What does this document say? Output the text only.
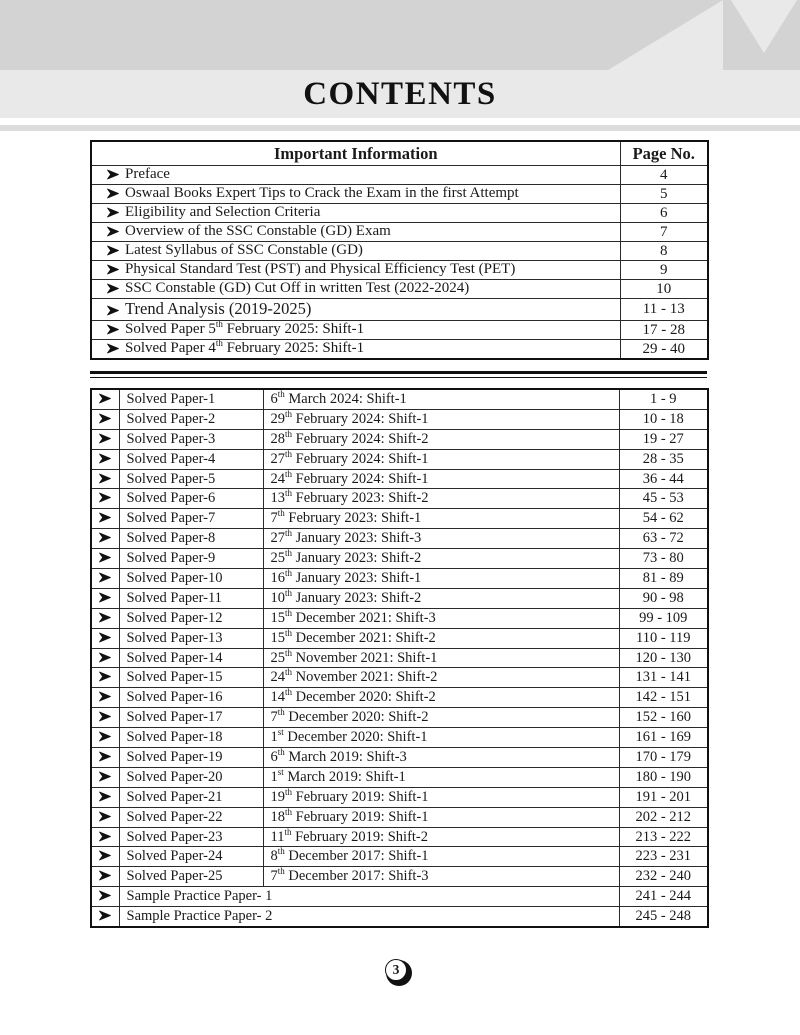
CONTENTS
Important Information	Page No.
Preface	4
Oswaal Books Expert Tips to Crack the Exam in the first Attempt	5
Eligibility and Selection Criteria	6
Overview of the SSC Constable (GD) Exam	7
Latest Syllabus of SSC Constable (GD)	8
Physical Standard Test (PST) and Physical Efficiency Test (PET)	9
SSC Constable (GD) Cut Off in written Test (2022-2024)	10
Trend Analysis (2019-2025)	11 - 13
Solved Paper 5th February 2025: Shift-1	17 - 28
Solved Paper 4th February 2025: Shift-1	29 - 40
	Solved Paper-1	6th March 2024: Shift-1	1 - 9
	Solved Paper-2	29th February 2024: Shift-1	10 - 18
	Solved Paper-3	28th February 2024: Shift-2	19 - 27
	Solved Paper-4	27th February 2024: Shift-1	28 - 35
	Solved Paper-5	24th February 2024: Shift-1	36 - 44
	Solved Paper-6	13th February 2023: Shift-2	45 - 53
	Solved Paper-7	7th February 2023: Shift-1	54 - 62
	Solved Paper-8	27th January 2023: Shift-3	63 - 72
	Solved Paper-9	25th January 2023: Shift-2	73 - 80
	Solved Paper-10	16th January 2023: Shift-1	81 - 89
	Solved Paper-11	10th January 2023: Shift-2	90 - 98
	Solved Paper-12	15th December 2021: Shift-3	99 - 109
	Solved Paper-13	15th December 2021: Shift-2	110 - 119
	Solved Paper-14	25th November 2021: Shift-1	120 - 130
	Solved Paper-15	24th November 2021: Shift-2	131 - 141
	Solved Paper-16	14th December 2020: Shift-2	142 - 151
	Solved Paper-17	7th December 2020: Shift-2	152 - 160
	Solved Paper-18	1st December 2020: Shift-1	161 - 169
	Solved Paper-19	6th March 2019: Shift-3	170 - 179
	Solved Paper-20	1st March 2019: Shift-1	180 - 190
	Solved Paper-21	19th February 2019: Shift-1	191 - 201
	Solved Paper-22	18th February 2019: Shift-1	202 - 212
	Solved Paper-23	11th February 2019: Shift-2	213 - 222
	Solved Paper-24	8th December 2017: Shift-1	223 - 231
	Solved Paper-25	7th December 2017: Shift-3	232 - 240
	Sample Practice Paper- 1		241 - 244
	Sample Practice Paper- 2		245 - 248
3
